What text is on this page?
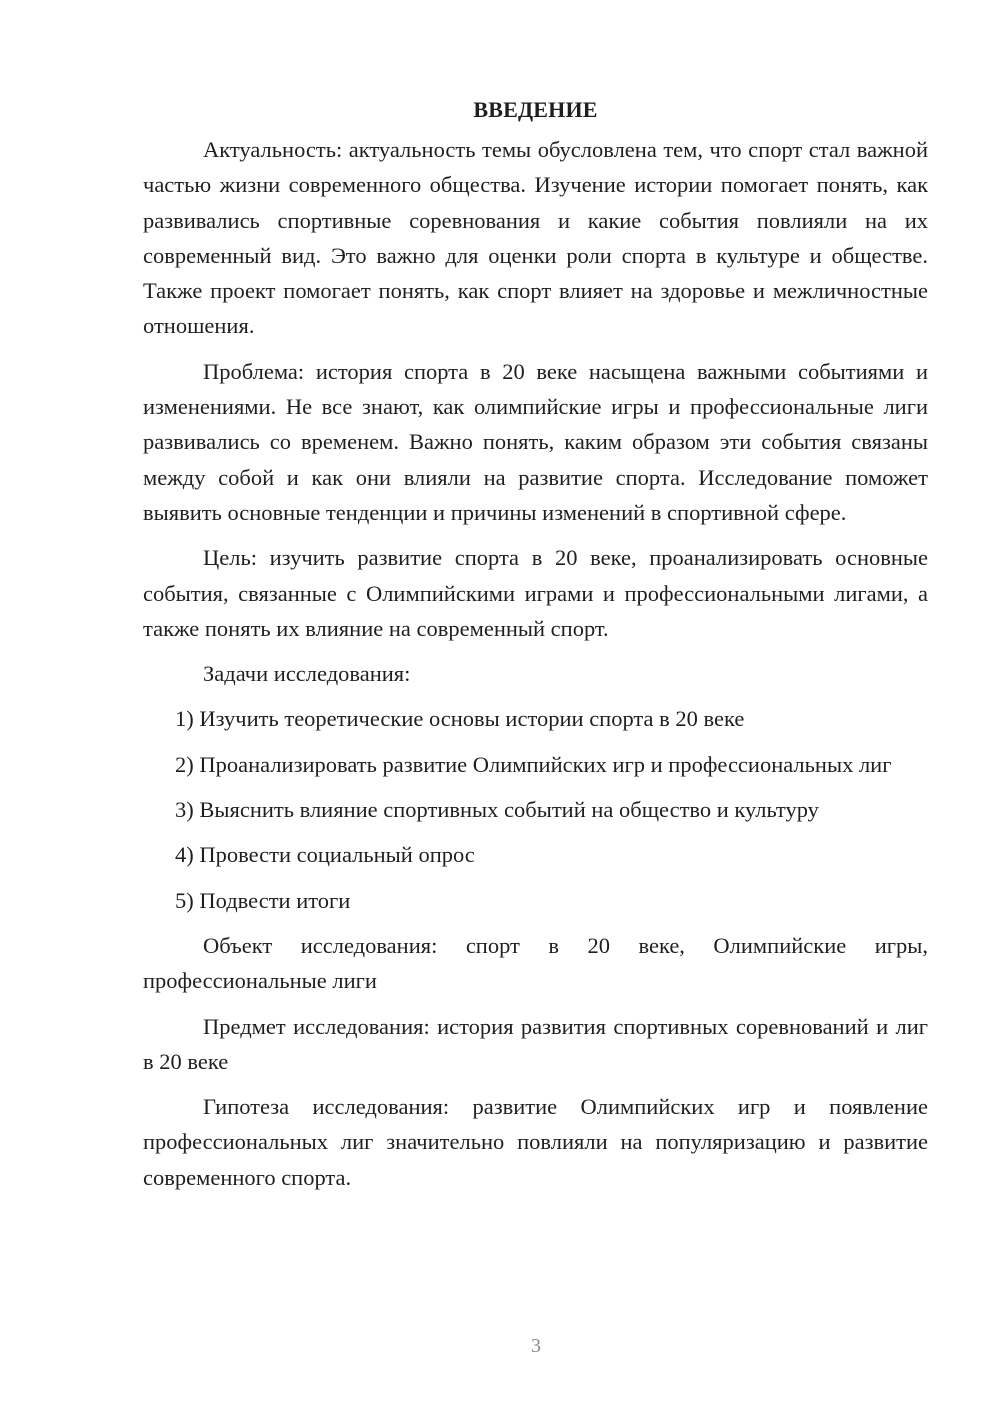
ВВЕДЕНИЕ

Актуальность: актуальность темы обусловлена тем, что спорт стал важной частью жизни современного общества. Изучение истории помогает понять, как развивались спортивные соревнования и какие события повлияли на их современный вид. Это важно для оценки роли спорта в культуре и обществе. Также проект помогает понять, как спорт влияет на здоровье и межличностные отношения.

Проблема: история спорта в 20 веке насыщена важными событиями и изменениями. Не все знают, как олимпийские игры и профессиональные лиги развивались со временем. Важно понять, каким образом эти события связаны между собой и как они влияли на развитие спорта. Исследование поможет выявить основные тенденции и причины изменений в спортивной сфере.

Цель: изучить развитие спорта в 20 веке, проанализировать основные события, связанные с Олимпийскими играми и профессиональными лигами, а также понять их влияние на современный спорт.

Задачи исследования:

1) Изучить теоретические основы истории спорта в 20 веке

2) Проанализировать развитие Олимпийских игр и профессиональных лиг

3) Выяснить влияние спортивных событий на общество и культуру

4) Провести социальный опрос

5) Подвести итоги

Объект исследования: спорт в 20 веке, Олимпийские игры, профессиональные лиги

Предмет исследования: история развития спортивных соревнований и лиг в 20 веке

Гипотеза исследования: развитие Олимпийских игр и появление профессиональных лиг значительно повлияли на популяризацию и развитие современного спорта.

3
